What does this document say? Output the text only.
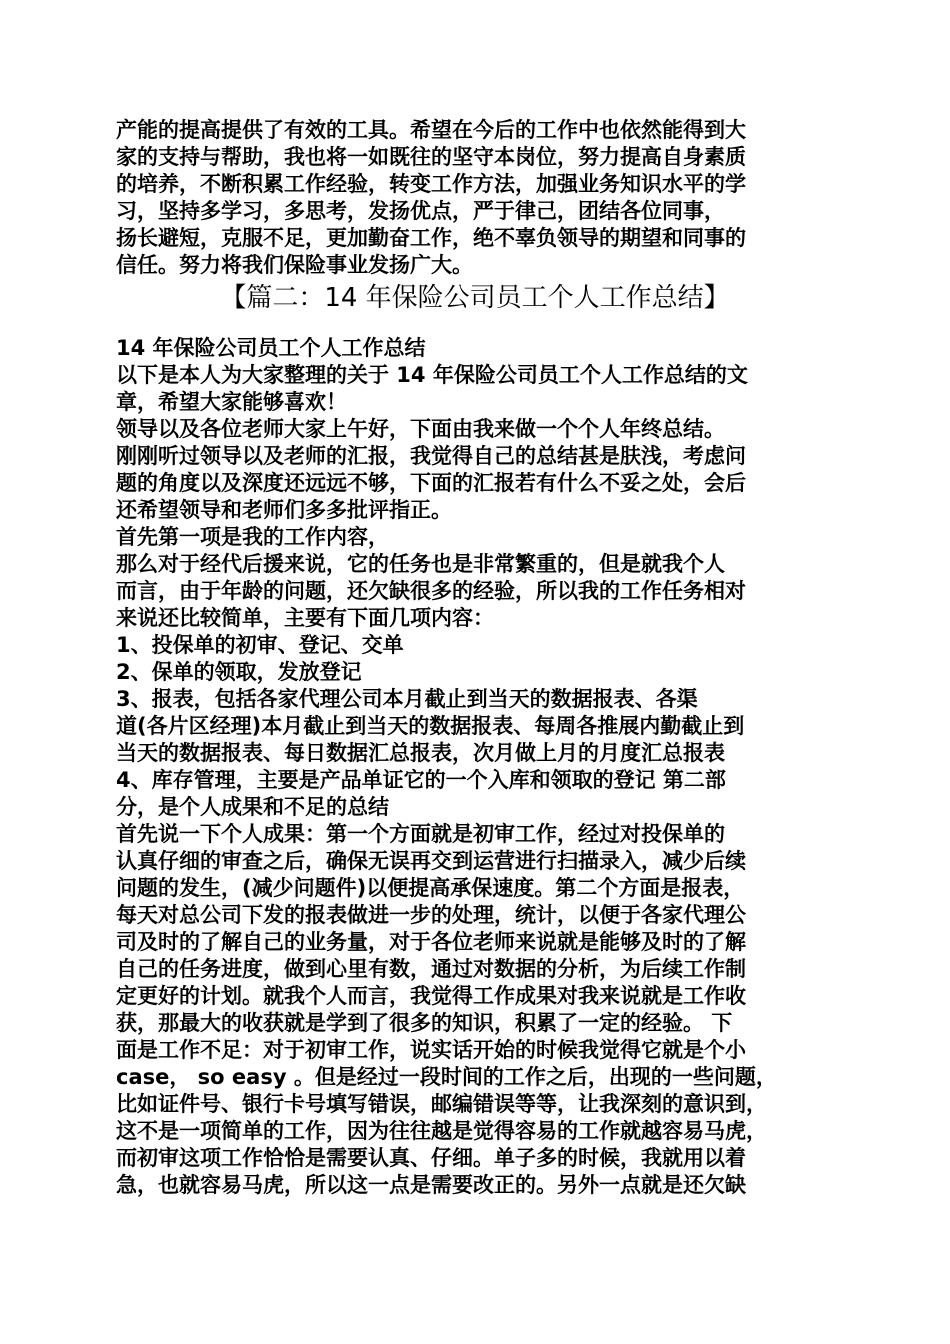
产能的提高提供了有效的工具。希望在今后的工作中也依然能得到大
家的支持与帮助，我也将一如既往的坚守本岗位，努力提高自身素质
的培养，不断积累工作经验，转变工作方法，加强业务知识水平的学
习，坚持多学习，多思考，发扬优点，严于律己，团结各位同事，
扬长避短，克服不足，更加勤奋工作，绝不辜负领导的期望和同事的
信任。努力将我们保险事业发扬广大。
【篇二：14 年保险公司员工个人工作总结】
14 年保险公司员工个人工作总结
以下是本人为大家整理的关于 14 年保险公司员工个人工作总结的文
章，希望大家能够喜欢！
领导以及各位老师大家上午好，下面由我来做一个个人年终总结。
刚刚听过领导以及老师的汇报，我觉得自己的总结甚是肤浅，考虑问
题的角度以及深度还远远不够，下面的汇报若有什么不妥之处，会后
还希望领导和老师们多多批评指正。
首先第一项是我的工作内容，
那么对于经代后援来说，它的任务也是非常繁重的，但是就我个人
而言，由于年龄的问题，还欠缺很多的经验，所以我的工作任务相对
来说还比较简单，主要有下面几项内容：
1、投保单的初审、登记、交单
2、保单的领取，发放登记
3、报表，包括各家代理公司本月截止到当天的数据报表、各渠
道(各片区经理)本月截止到当天的数据报表、每周各推展内勤截止到
当天的数据报表、每日数据汇总报表，次月做上月的月度汇总报表
4、库存管理，主要是产品单证它的一个入库和领取的登记 第二部
分，是个人成果和不足的总结
首先说一下个人成果：第一个方面就是初审工作，经过对投保单的
认真仔细的审查之后，确保无误再交到运营进行扫描录入，减少后续
问题的发生，(减少问题件)以便提高承保速度。第二个方面是报表，
每天对总公司下发的报表做进一步的处理，统计，以便于各家代理公
司及时的了解自己的业务量，对于各位老师来说就是能够及时的了解
自己的任务进度，做到心里有数，通过对数据的分析，为后续工作制
定更好的计划。就我个人而言，我觉得工作成果对我来说就是工作收
获，那最大的收获就是学到了很多的知识，积累了一定的经验。 下
面是工作不足：对于初审工作，说实话开始的时候我觉得它就是个小
case， so easy 。但是经过一段时间的工作之后，出现的一些问题，
比如证件号、银行卡号填写错误，邮编错误等等，让我深刻的意识到，
这不是一项简单的工作，因为往往越是觉得容易的工作就越容易马虎，
而初审这项工作恰恰是需要认真、仔细。单子多的时候，我就用以着
急，也就容易马虎，所以这一点是需要改正的。另外一点就是还欠缺
